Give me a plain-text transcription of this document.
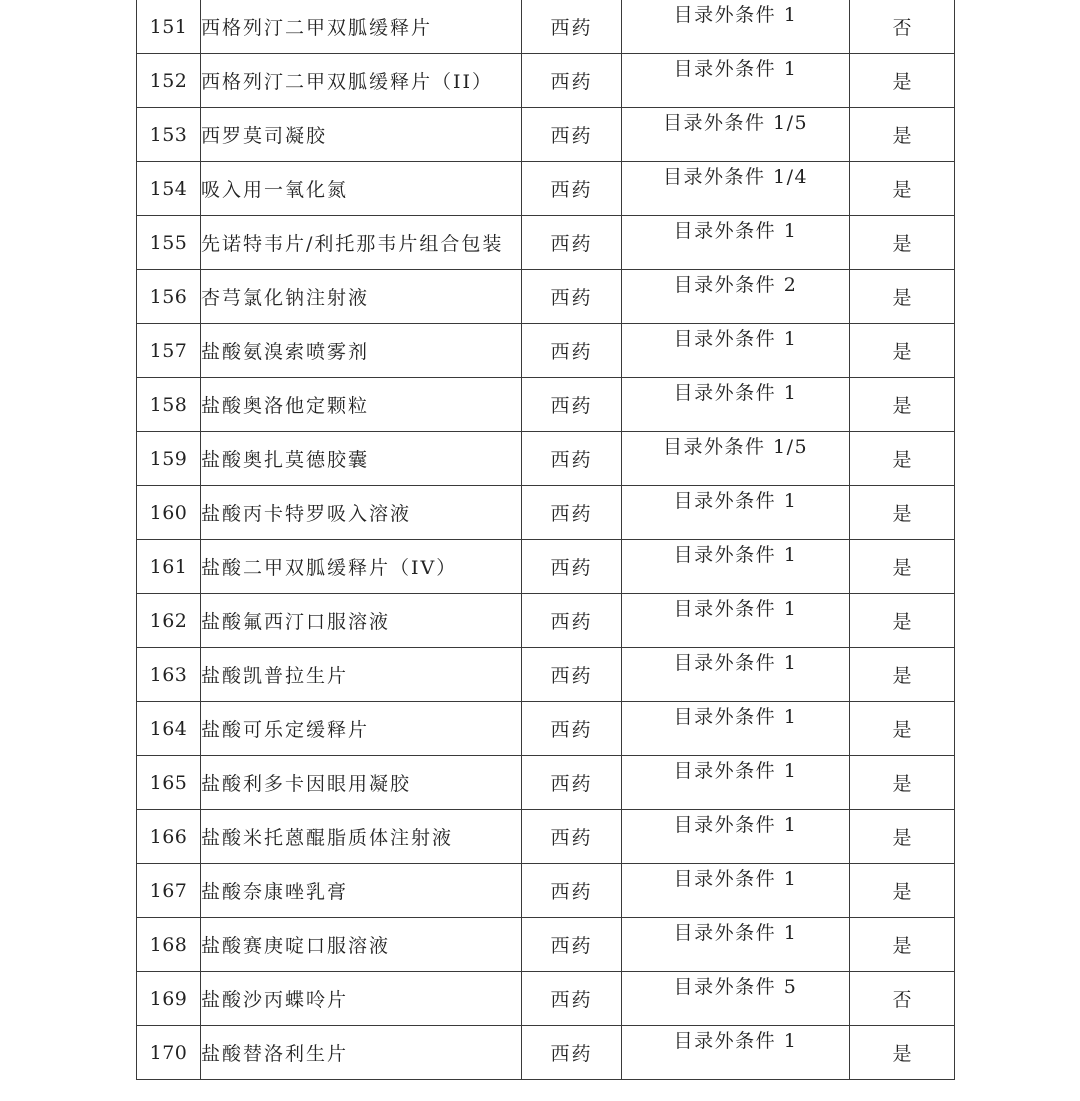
151	西格列汀二甲双胍缓释片	西药	目录外条件 1	否
152	西格列汀二甲双胍缓释片（II）	西药	目录外条件 1	是
153	西罗莫司凝胶	西药	目录外条件 1/5	是
154	吸入用一氧化氮	西药	目录外条件 1/4	是
155	先诺特韦片/利托那韦片组合包装	西药	目录外条件 1	是
156	杏芎氯化钠注射液	西药	目录外条件 2	是
157	盐酸氨溴索喷雾剂	西药	目录外条件 1	是
158	盐酸奥洛他定颗粒	西药	目录外条件 1	是
159	盐酸奥扎莫德胶囊	西药	目录外条件 1/5	是
160	盐酸丙卡特罗吸入溶液	西药	目录外条件 1	是
161	盐酸二甲双胍缓释片（IV）	西药	目录外条件 1	是
162	盐酸氟西汀口服溶液	西药	目录外条件 1	是
163	盐酸凯普拉生片	西药	目录外条件 1	是
164	盐酸可乐定缓释片	西药	目录外条件 1	是
165	盐酸利多卡因眼用凝胶	西药	目录外条件 1	是
166	盐酸米托蒽醌脂质体注射液	西药	目录外条件 1	是
167	盐酸奈康唑乳膏	西药	目录外条件 1	是
168	盐酸赛庚啶口服溶液	西药	目录外条件 1	是
169	盐酸沙丙蝶呤片	西药	目录外条件 5	否
170	盐酸替洛利生片	西药	目录外条件 1	是
